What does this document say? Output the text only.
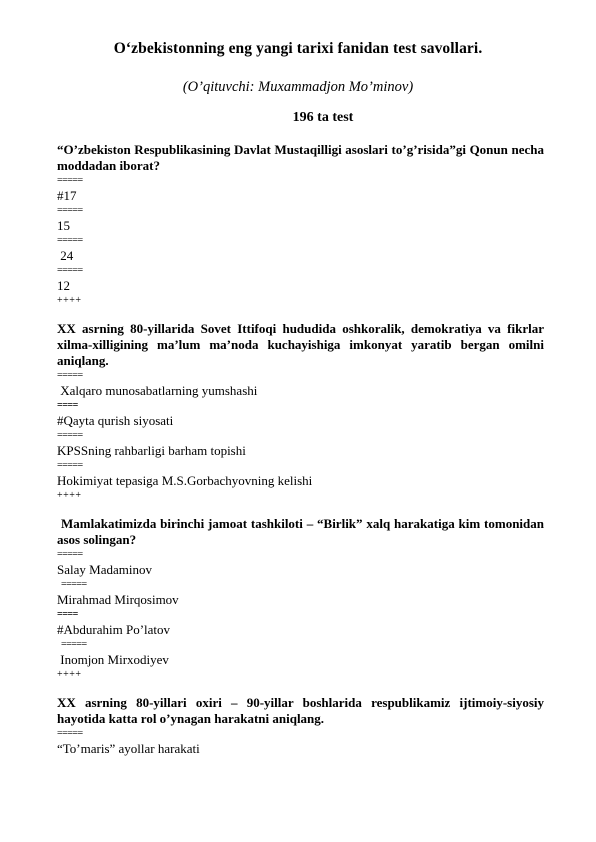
O‘zbekistonning eng yangi tarixi fanidan test savollari.
(O’qituvchi: Muxammadjon Mo’minov)
196 ta test

“O’zbekiston Respublikasining Davlat Mustaqilligi asoslari to’g’risida”gi Qonun necha moddadan iborat?

=====
#17
=====
15
=====
24
=====
12
++++

XX asrning 80-yillarida Sovet Ittifoqi hududida oshkoralik, demokratiya va fikrlar xilma-xilligining ma’lum ma’noda kuchayishiga imkonyat yaratib bergan omilni aniqlang.

=====
Xalqaro munosabatlarning yumshashi
====
#Qayta qurish siyosati
=====
KPSSning rahbarligi barham topishi
=====
Hokimiyat tepasiga M.S.Gorbachyovning kelishi
++++

Mamlakatimizda birinchi jamoat tashkiloti – “Birlik” xalq harakatiga kim tomonidan asos solingan?

=====
Salay Madaminov
=====
Mirahmad Mirqosimov
====
#Abdurahim Po’latov
=====
Inomjon Mirxodiyev
++++

XX asrning 80-yillari oxiri – 90-yillar boshlarida respublikamiz ijtimoiy-siyosiy hayotida katta rol o’ynagan harakatni aniqlang.

=====
“To’maris” ayollar harakati
